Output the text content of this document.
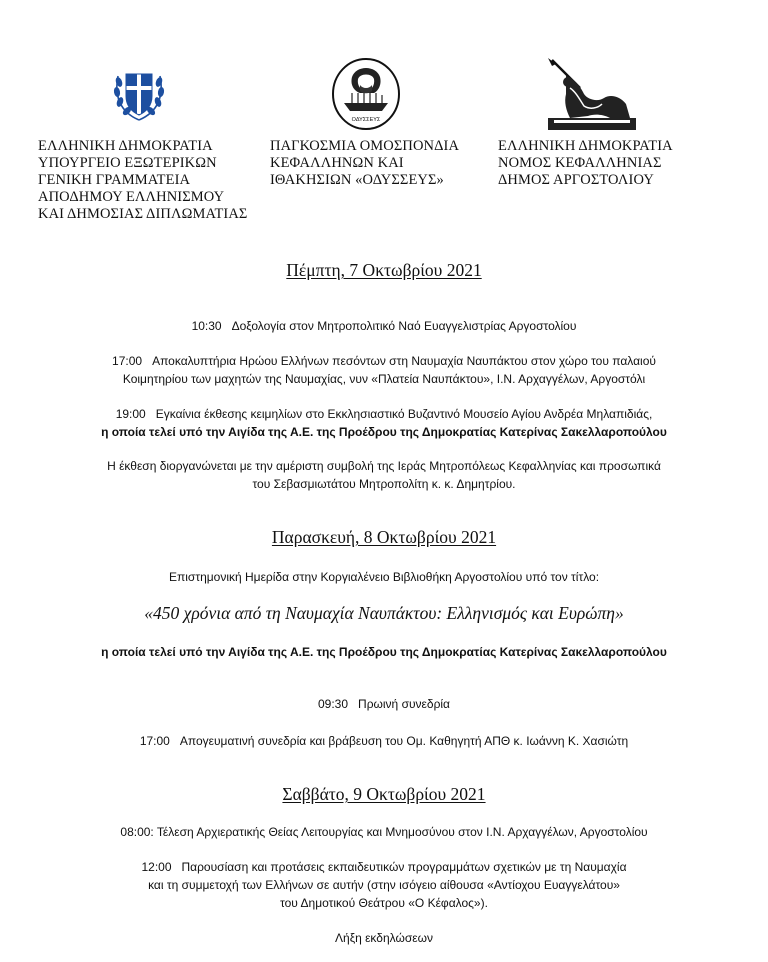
ΟΔΥΣΣΕΥΣ
ΕΛΛΗΝΙΚΗ ΔΗΜΟΚΡΑΤΙΑ
ΥΠΟΥΡΓΕΙΟ ΕΞΩΤΕΡΙΚΩΝ
ΓΕΝΙΚΗ ΓΡΑΜΜΑΤΕΙΑ
ΑΠΟΔΗΜΟΥ ΕΛΛΗΝΙΣΜΟΥ
ΚΑΙ ΔΗΜΟΣΙΑΣ ΔΙΠΛΩΜΑΤΙΑΣ
ΠΑΓΚΟΣΜΙΑ ΟΜΟΣΠΟΝΔΙΑ
ΚΕΦΑΛΛΗΝΩΝ ΚΑΙ
ΙΘΑΚΗΣΙΩΝ «ΟΔΥΣΣΕΥΣ»
ΕΛΛΗΝΙΚΗ ΔΗΜΟΚΡΑΤΙΑ
ΝΟΜΟΣ ΚΕΦΑΛΛΗΝΙΑΣ
ΔΗΜΟΣ ΑΡΓΟΣΤΟΛΙΟΥ
Πέμπτη, 7 Οκτωβρίου 2021
10:30 Δοξολογία στον Μητροπολιτικό Ναό Ευαγγελιστρίας Αργοστολίου
17:00 Αποκαλυπτήρια Ηρώου Ελλήνων πεσόντων στη Ναυμαχία Ναυπάκτου στον χώρο του παλαιού
Κοιμητηρίου των μαχητών της Ναυμαχίας, νυν «Πλατεία Ναυπάκτου», Ι.Ν. Αρχαγγέλων, Αργοστόλι
19:00 Εγκαίνια έκθεσης κειμηλίων στο Εκκλησιαστικό Βυζαντινό Μουσείο Αγίου Ανδρέα Μηλαπιδιάς,
η οποία τελεί υπό την Αιγίδα της Α.Ε. της Προέδρου της Δημοκρατίας Κατερίνας Σακελλαροπούλου
Η έκθεση διοργανώνεται με την αμέριστη συμβολή της Ιεράς Μητροπόλεως Κεφαλληνίας και προσωπικά
του Σεβασμιωτάτου Μητροπολίτη κ. κ. Δημητρίου.
Παρασκευή, 8 Οκτωβρίου 2021
Επιστημονική Ημερίδα στην Κοργιαλένειο Βιβλιοθήκη Αργοστολίου υπό τον τίτλο:
«450 χρόνια από τη Ναυμαχία Ναυπάκτου: Ελληνισμός και Ευρώπη»
η οποία τελεί υπό την Αιγίδα της Α.Ε. της Προέδρου της Δημοκρατίας Κατερίνας Σακελλαροπούλου
09:30 Πρωινή συνεδρία
17:00 Απογευματινή συνεδρία και βράβευση του Ομ. Καθηγητή ΑΠΘ κ. Ιωάννη Κ. Χασιώτη
Σαββάτο, 9 Οκτωβρίου 2021
08:00: Τέλεση Αρχιερατικής Θείας Λειτουργίας και Μνημοσύνου στον Ι.Ν. Αρχαγγέλων, Αργοστολίου
12:00 Παρουσίαση και προτάσεις εκπαιδευτικών προγραμμάτων σχετικών με τη Ναυμαχία
και τη συμμετοχή των Ελλήνων σε αυτήν (στην ισόγειο αίθουσα «Αντίοχου Ευαγγελάτου»
του Δημοτικού Θεάτρου «Ο Κέφαλος»).
Λήξη εκδηλώσεων
